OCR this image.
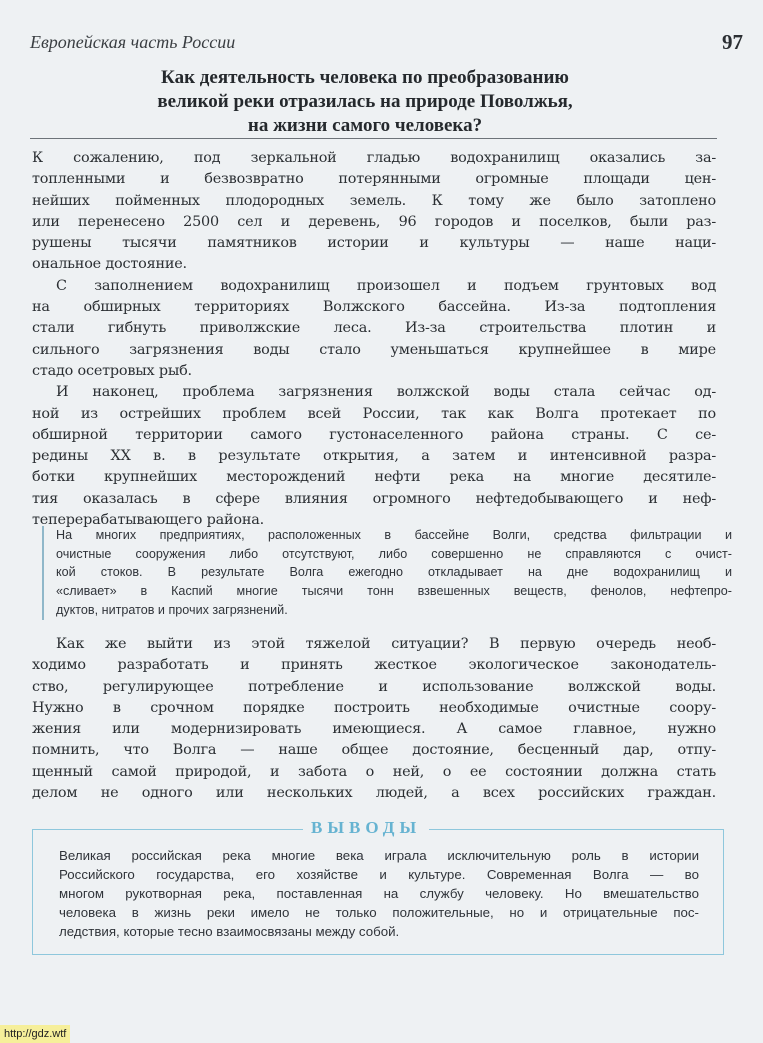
Европейская часть России	97
Как деятельность человека по преобразованию
великой реки отразилась на природе Поволжья,
на жизни самого человека?
К сожалению, под зеркальной гладью водохранилищ оказались за-
топленными и безвозвратно потерянными огромные площади цен-
нейших пойменных плодородных земель. К тому же было затоплено
или перенесено 2500 сел и деревень, 96 городов и поселков, были раз-
рушены тысячи памятников истории и культуры — наше наци-
ональное достояние.
С заполнением водохранилищ произошел и подъем грунтовых вод
на обширных территориях Волжского бассейна. Из-за подтопления
стали гибнуть приволжские леса. Из-за строительства плотин и
сильного загрязнения воды стало уменьшаться крупнейшее в мире
стадо осетровых рыб.
И наконец, проблема загрязнения волжской воды стала сейчас од-
ной из острейших проблем всей России, так как Волга протекает по
обширной территории самого густонаселенного района страны. С се-
редины XX в. в результате открытия, а затем и интенсивной разра-
ботки крупнейших месторождений нефти река на многие десятиле-
тия оказалась в сфере влияния огромного нефтедобывающего и неф-
теперерабатывающего района.
На многих предприятиях, расположенных в бассейне Волги, средства фильтрации и
очистные сооружения либо отсутствуют, либо совершенно не справляются с очист-
кой стоков. В результате Волга ежегодно откладывает на дне водохранилищ и
«сливает» в Каспий многие тысячи тонн взвешенных веществ, фенолов, нефтепро-
дуктов, нитратов и прочих загрязнений.
Как же выйти из этой тяжелой ситуации? В первую очередь необ-
ходимо разработать и принять жесткое экологическое законодатель-
ство, регулирующее потребление и использование волжской воды.
Нужно в срочном порядке построить необходимые очистные соору-
жения или модернизировать имеющиеся. А самое главное, нужно
помнить, что Волга — наше общее достояние, бесценный дар, отпу-
щенный самой природой, и забота о ней, о ее состоянии должна стать
делом не одного или нескольких людей, а всех российских граждан.
ВЫВОДЫ
Великая российская река многие века играла исключительную роль в истории
Российского государства, его хозяйстве и культуре. Современная Волга — во
многом рукотворная река, поставленная на службу человеку. Но вмешательство
человека в жизнь реки имело не только положительные, но и отрицательные пос-
ледствия, которые тесно взаимосвязаны между собой.
http://gdz.wtf
